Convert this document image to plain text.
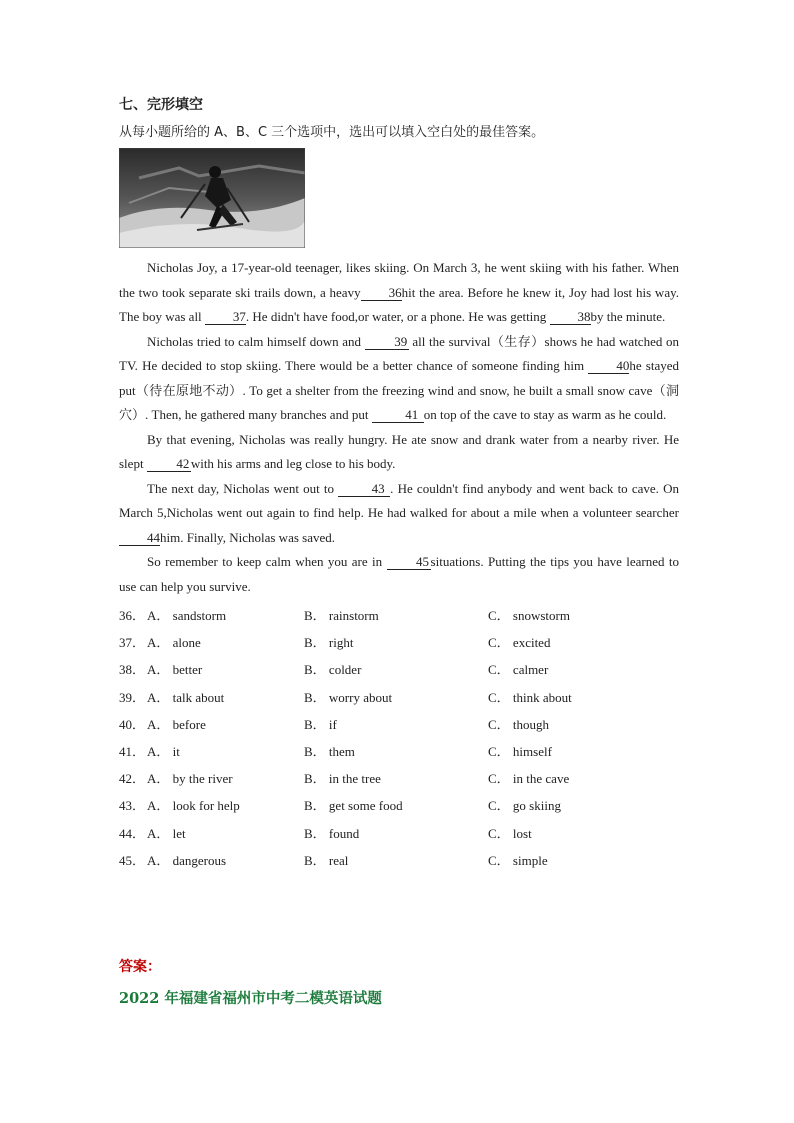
七、完形填空

从每小题所给的 A、B、C 三个选项中，选出可以填入空白处的最佳答案。

Nicholas Joy, a 17-year-old teenager, likes skiing. On March 3, he went skiing with his father. When the two took separate ski trails down, a heavy 36hit the area. Before he knew it, Joy had lost his way. The boy was all 37. He didn't have food,or water, or a phone. He was getting 38by the minute.

Nicholas tried to calm himself down and	39 all the survival（生存）shows he had watched on TV. He decided to stop skiing. There would be a better chance of someone finding him 40he stayed put（待在原地不动）. To get a shelter from the freezing wind and snow, he built a small snow cave（洞穴）. Then, he gathered many branches and put	41 on top of the cave to stay as warm as he could.

By that evening, Nicholas was really hungry. He ate snow and drank water from a nearby river. He slept	42 with his arms and leg close to his body.

The next day, Nicholas went out to	43 . He couldn't find anybody and went back to cave. On March 5,Nicholas went out again to find help. He had walked for about a mile when a volunteer searcher 44him. Finally, Nicholas was saved.

So remember to keep calm when you are in	45 situations. Putting the tips you have learned to use can help you survive.

36． A． sandstorm	B． rainstorm	C． snowstorm
37． A． alone	B． right	C． excited
38． A． better	B． colder	C． calmer
39． A． talk about	B． worry about	C． think about
40． A． before	B． if	C． though
41． A． it	B． them	C． himself
42． A． by the river	B． in the tree	C． in the cave
43． A． look for help	B． get some food	C． go skiing
44． A． let	B． found	C． lost
45． A． dangerous	B． real	C． simple
答案：
2022 年福建省福州市中考二模英语试题
